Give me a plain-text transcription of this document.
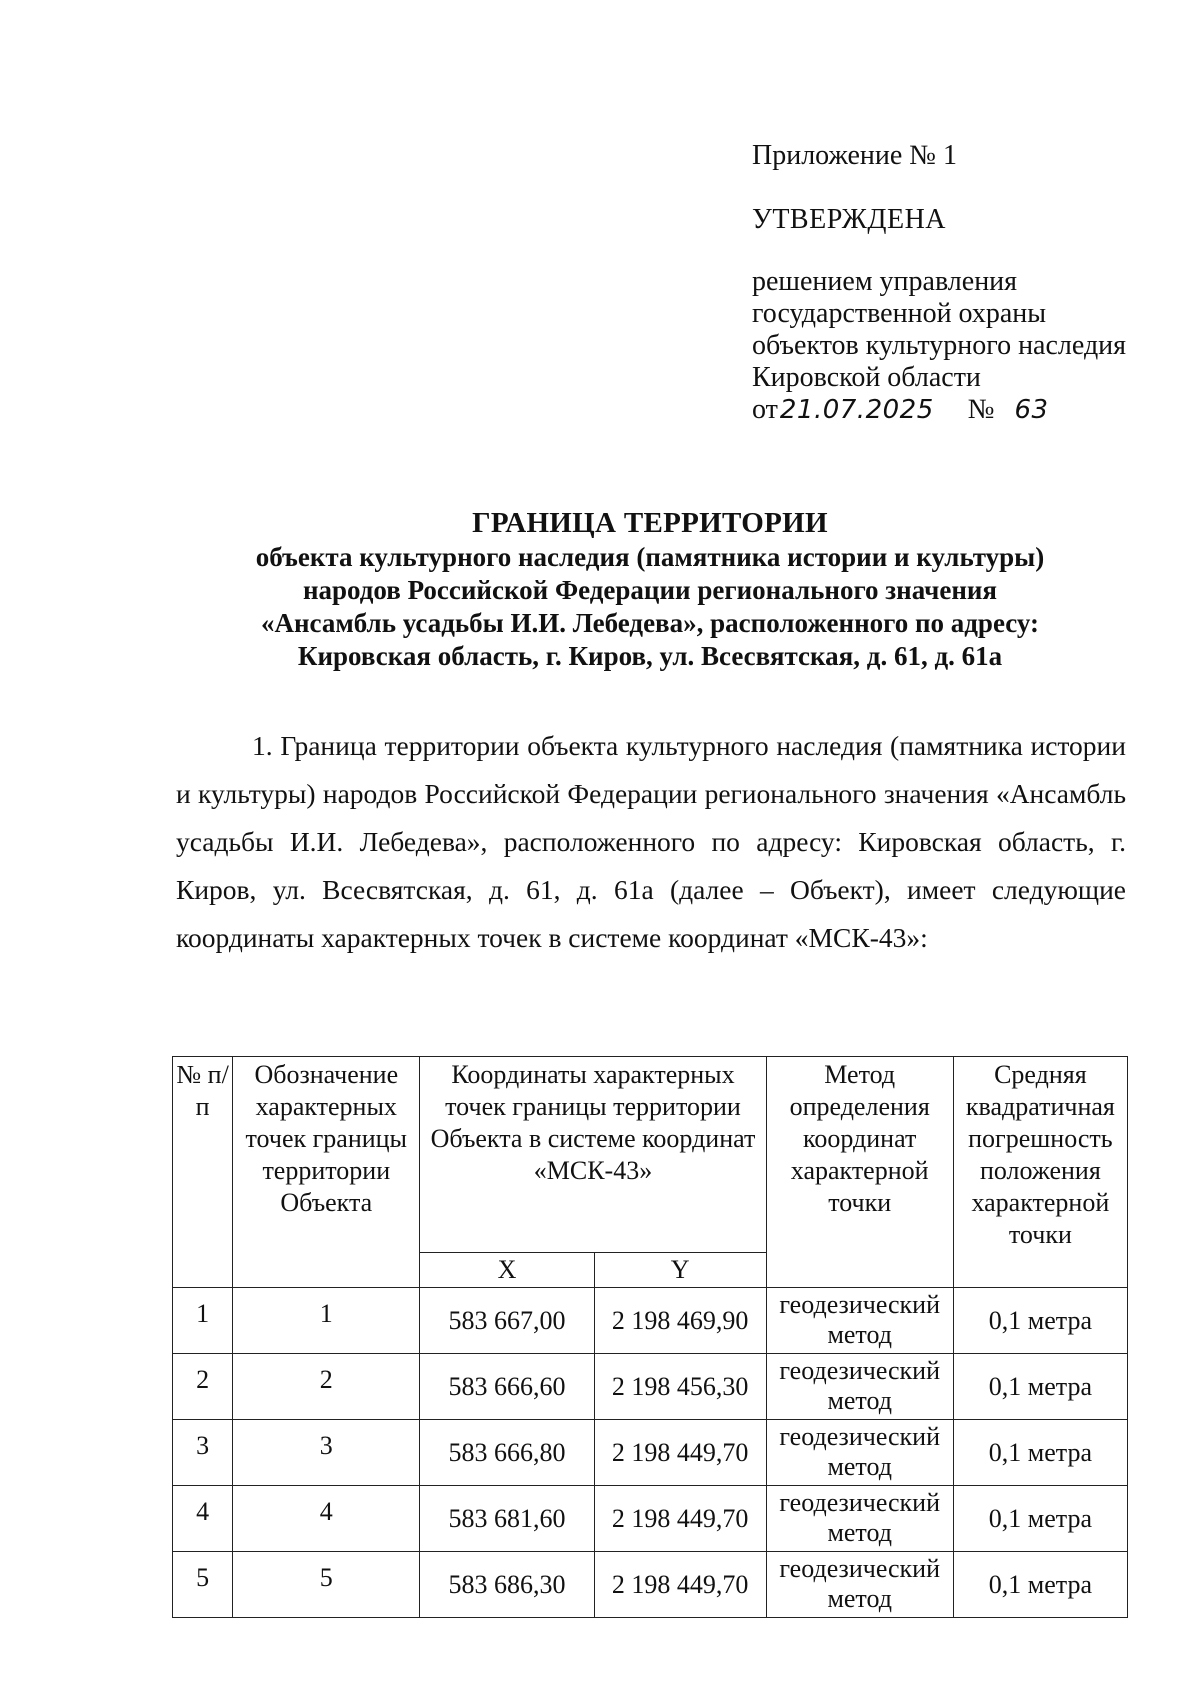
Приложение № 1
УТВЕРЖДЕНА
решением управления
государственной охраны
объектов культурного наследия
Кировской области
от21.07.2025 № 63
ГРАНИЦА ТЕРРИТОРИИ
объекта культурного наследия (памятника истории и культуры)
народов Российской Федерации регионального значения
«Ансамбль усадьбы И.И. Лебедева», расположенного по адресу:
Кировская область, г. Киров, ул. Всесвятская, д. 61, д. 61а

1. Граница территории объекта культурного наследия (памятника истории и культуры) народов Российской Федерации регионального значения «Ансамбль усадьбы И.И. Лебедева», расположенного по адресу: Кировская область, г. Киров, ул. Всесвятская, д. 61, д. 61а (далее – Объект), имеет следующие координаты характерных точек в системе координат «МСК-43»:

№ п/п	Обозначение характерных точек границы территории Объекта	Координаты характерных точек границы территории Объекта в системе координат «МСК-43»		Метод определения координат характерной точки	Средняя квадратичная погрешность положения характерной точки
		X	Y		
1	1	583 667,00	2 198 469,90	геодезический метод	0,1 метра
2	2	583 666,60	2 198 456,30	геодезический метод	0,1 метра
3	3	583 666,80	2 198 449,70	геодезический метод	0,1 метра
4	4	583 681,60	2 198 449,70	геодезический метод	0,1 метра
5	5	583 686,30	2 198 449,70	геодезический метод	0,1 метра
